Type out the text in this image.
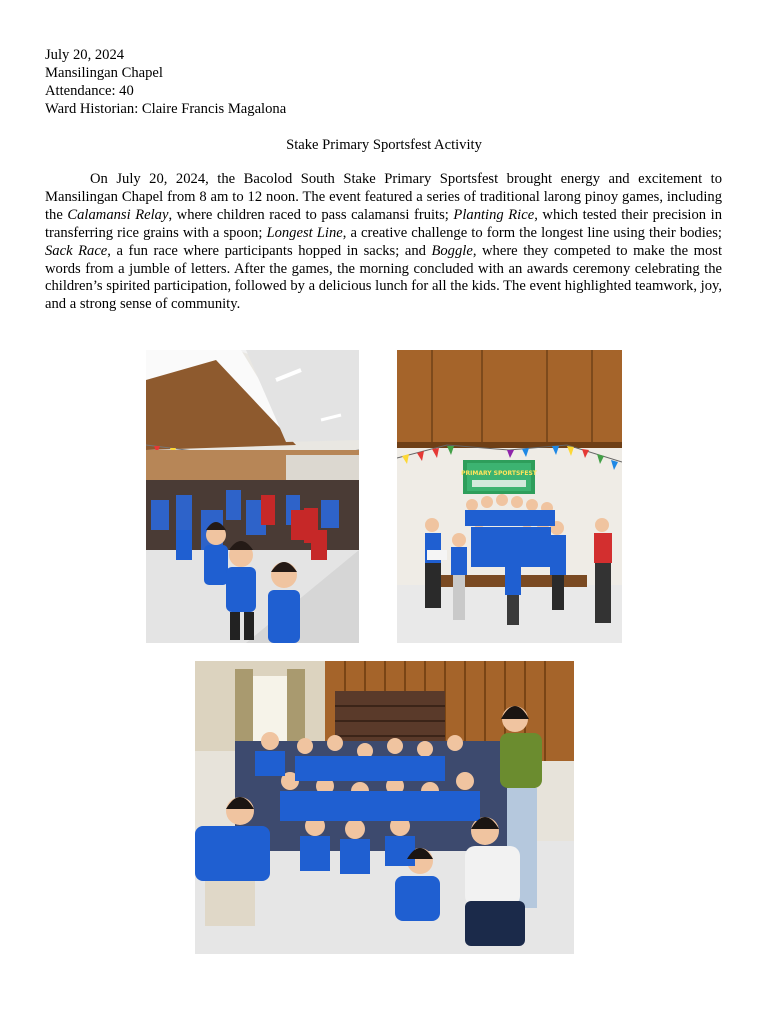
July 20, 2024
Mansilingan Chapel
Attendance: 40
Ward Historian: Claire Francis Magalona
Stake Primary Sportsfest Activity

On July 20, 2024, the Bacolod South Stake Primary Sportsfest brought energy and excitement to Mansilingan Chapel from 8 am to 12 noon. The event featured a series of traditional larong pinoy games, including the Calamansi Relay, where children raced to pass calamansi fruits; Planting Rice, which tested their precision in transferring rice grains with a spoon; Longest Line, a creative challenge to form the longest line using their bodies; Sack Race, a fun race where participants hopped in sacks; and Boggle, where they competed to make the most words from a jumble of letters. After the games, the morning concluded with an awards ceremony celebrating the children’s spirited participation, followed by a delicious lunch for all the kids. The event highlighted teamwork, joy, and a strong sense of community.

PRIMARY SPORTSFEST
